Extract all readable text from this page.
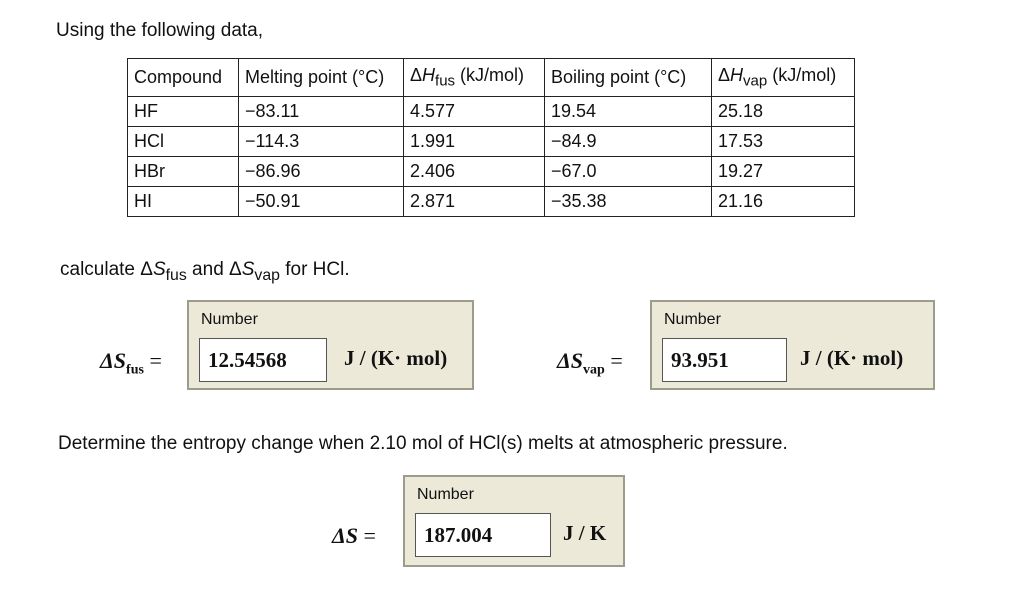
Using the following data,
Compound	Melting point (°C)	$\Delta H_{fus}$ (kJ/mol)	Boiling point (°C)	$\Delta H_{vap}$ (kJ/mol)
HF	−83.11	4.577	19.54	25.18
HCl	−114.3	1.991	−84.9	17.53
HBr	−86.96	2.406	−67.0	19.27
HI	−50.91	2.871	−35.38	21.16
calculate $\Delta S_{fus}$ and $\Delta S_{vap}$ for HCl.
$\Delta S_{fus}$ =
Number
12.54568
J / (K· mol)	$\Delta S_{vap}$ =
Number
93.951
J / (K· mol)
Determine the entropy change when 2.10 mol of HCl(s) melts at atmospheric pressure.
ΔS =
Number
187.004
J / K
